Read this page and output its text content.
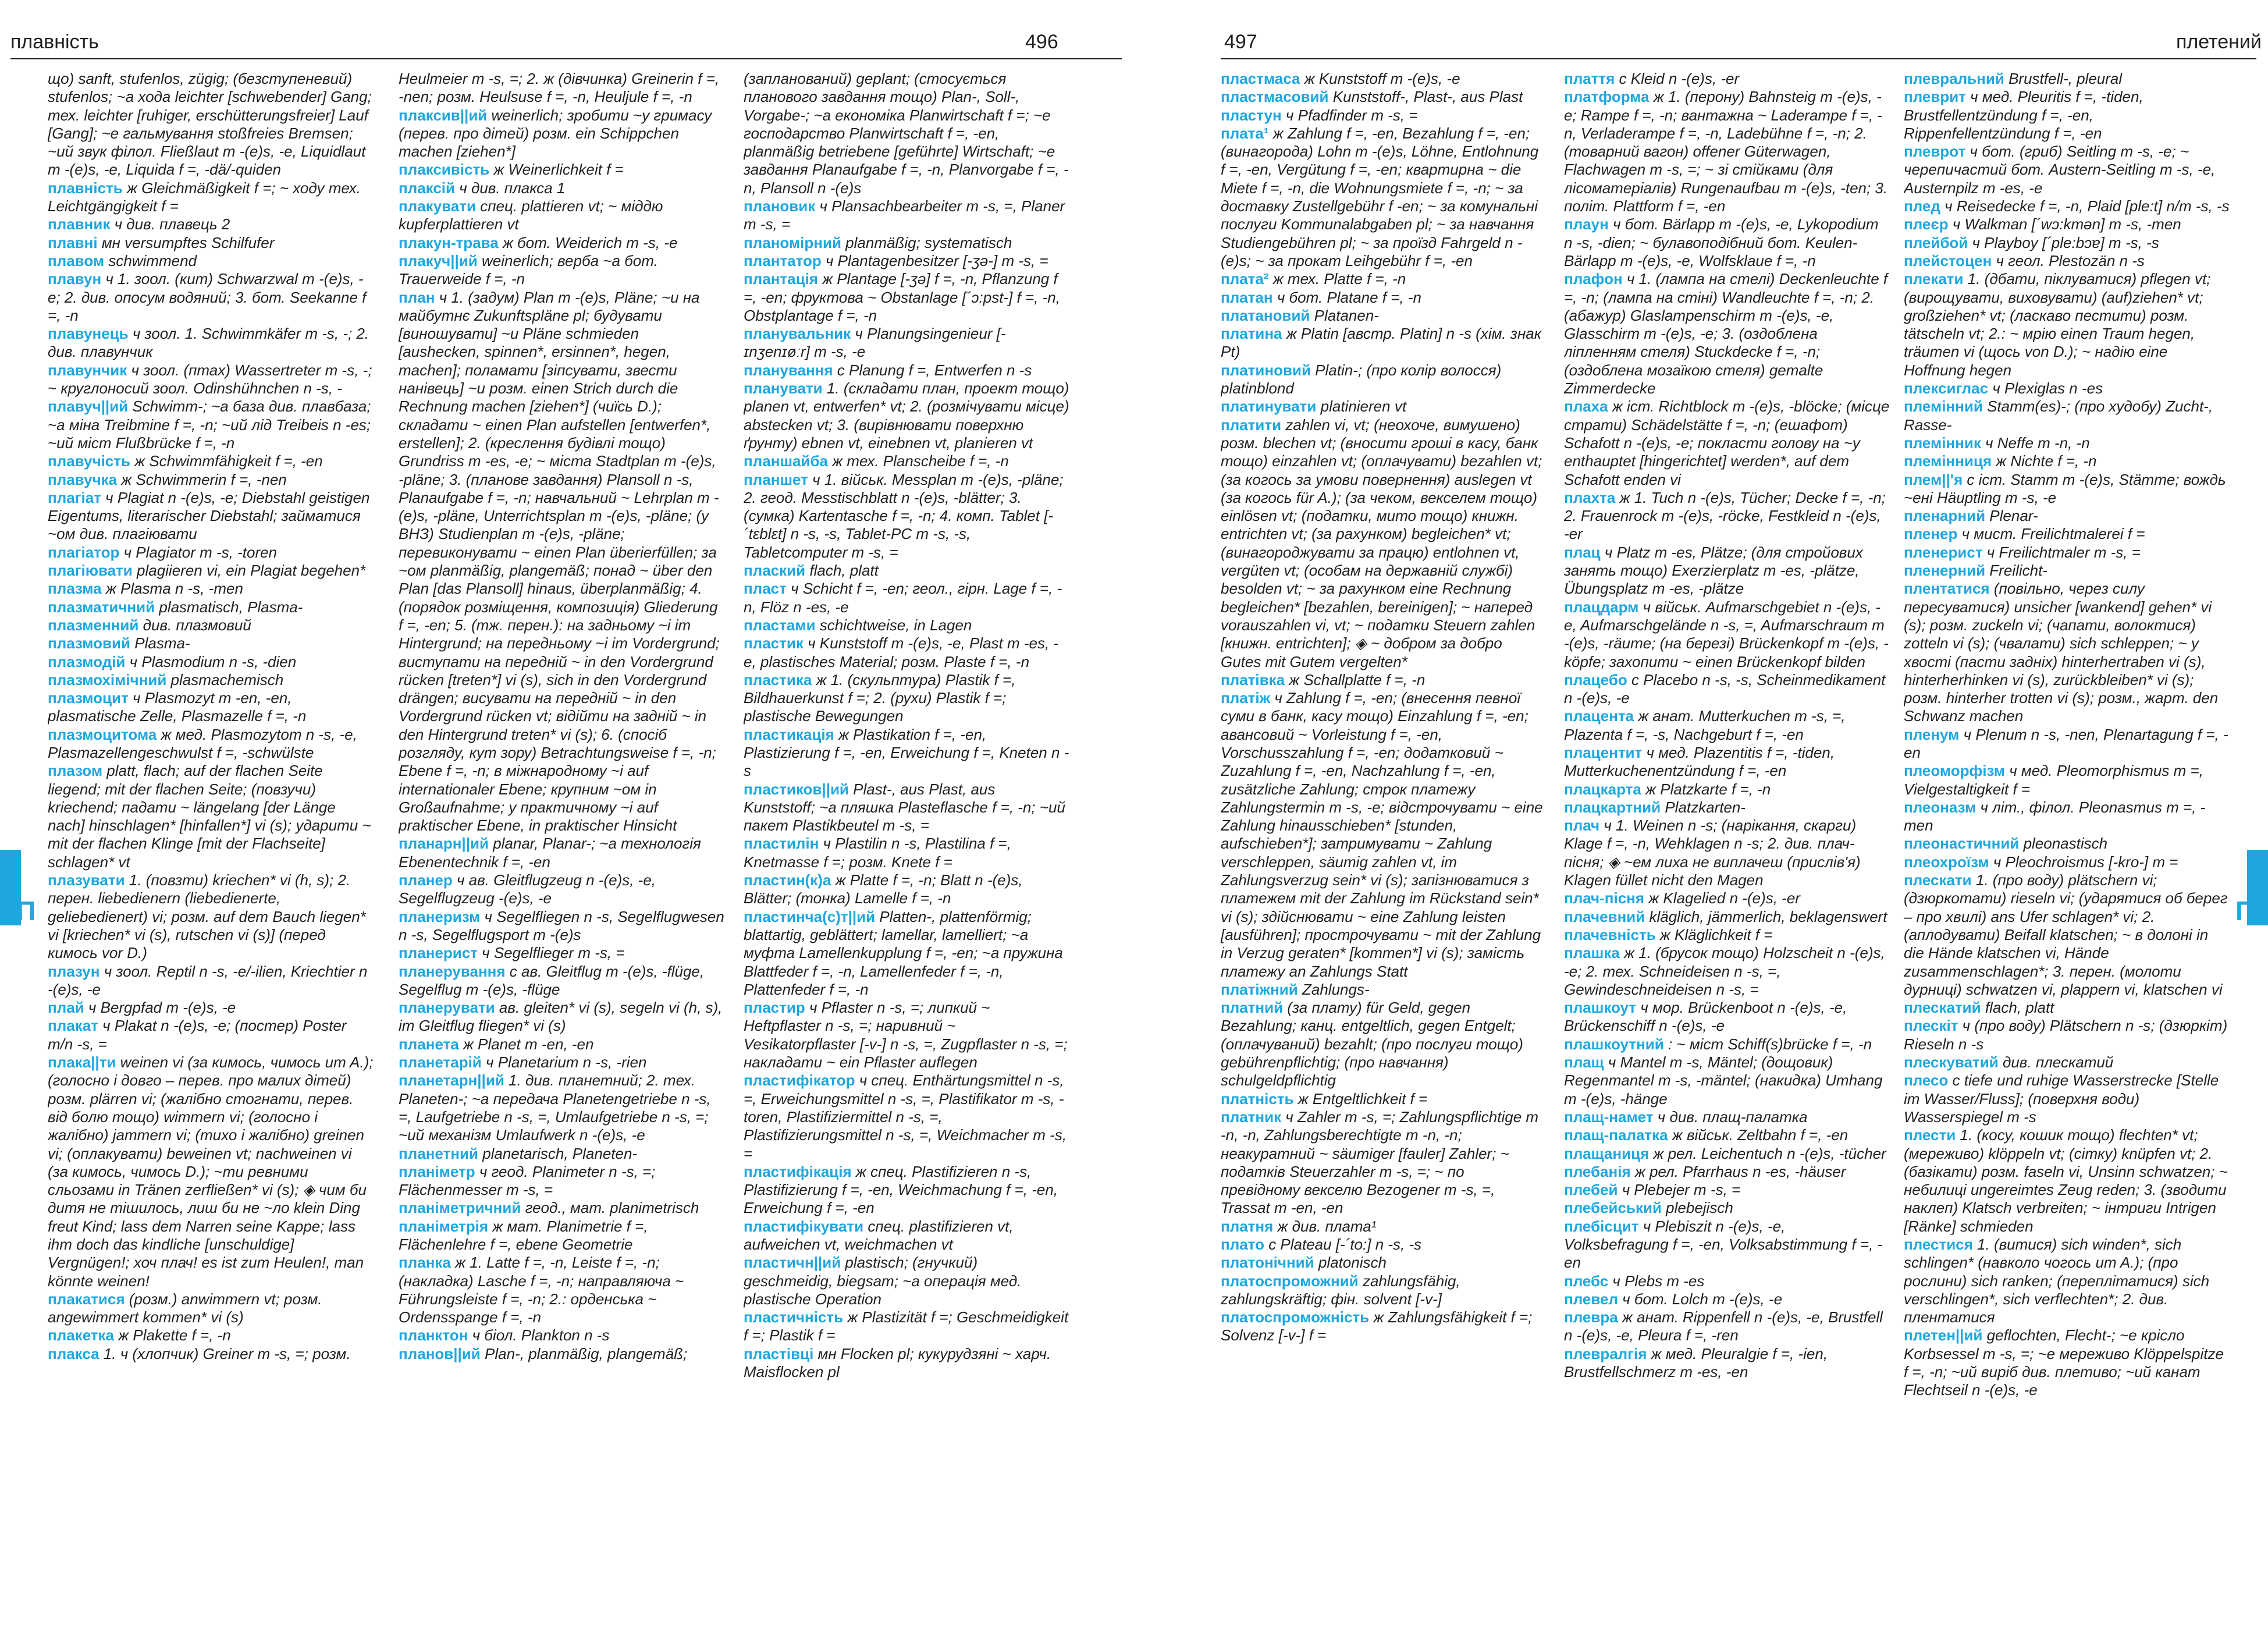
плавність	496

що) sanft, stufenlos, zügig; (безступеневий) stufenlos; ~а хода leichter [schwebender] Gang; тех. leichter [ruhiger, erschütterungsfreier] Lauf [Gang]; ~е гальмування stoßfreies Bremsen; ~ий звук філол. Fließlaut m -(e)s, -e, Liquidlaut m -(e)s, -e, Liquida f =, -dä/-quiden

плавність ж Gleichmäßigkeit f =; ~ ходу тех. Leichtgängigkeit f =

плавник ч див. плавець 2

плавні мн versumpftes Schilfufer

плавом schwimmend

плавун ч 1. зоол. (кит) Schwarzwal m -(e)s, -e; 2. див. опосум водяний; 3. бот. Seekanne f =, -n

плавунець ч зоол. 1. Schwimmkäfer m -s, -; 2. див. плавунчик

плавунчик ч зоол. (птах) Wassertreter m -s, -; ~ круглоносий зоол. Odinshühnchen n -s, -

плавуч||ий Schwimm-; ~а база див. плавбаза; ~а міна Treibmine f =, -n; ~ий лід Treibeis n -es; ~ий міст Flußbrücke f =, -n

плавучість ж Schwimmfähigkeit f =, -en

плавучка ж Schwimmerin f =, -nen

плагіат ч Plagiat n -(e)s, -e; Diebstahl geistigen Eigentums, literarischer Diebstahl; займатися ~ом див. плагіювати

плагіатор ч Plagiator m -s, -toren

плагіювати plagiieren vi, ein Plagiat begehen*

плазма ж Plasma n -s, -men

плазматичний plasmatisch, Plasma-

плазменний див. плазмовий

плазмовий Plasma-

плазмодій ч Plasmodium n -s, -dien

плазмохімічний plasmachemisch

плазмоцит ч Plasmozyt m -en, -en, plasmatische Zelle, Plasmazelle f =, -n

плазмоцитома ж мед. Plasmozytom n -s, -e, Plasmazellengeschwulst f =, -schwülste

плазом platt, flach; auf der flachen Seite liegend; mit der flachen Seite; (повзучи) kriechend; падати ~ längelang [der Länge nach] hinschlagen* [hinfallen*] vi (s); ударити ~ mit der flachen Klinge [mit der Flachseite] schlagen* vt

плазувати 1. (повзти) kriechen* vi (h, s); 2. перен. liebedienern (liebedienerte, geliebedienert) vi; розм. auf dem Bauch liegen* vi [kriechen* vi (s), rutschen vi (s)] (перед кимось vor D.)

плазун ч зоол. Reptil n -s, -e/-ilien, Kriechtier n -(e)s, -e

плай ч Bergpfad m -(e)s, -e

плакат ч Plakat n -(e)s, -e; (постер) Poster m/n -s, =

плака||ти weinen vi (за кимось, чимось um A.); (голосно і довго – перев. про малих дітей) розм. plärren vi; (жалібно стогнати, перев. від болю тощо) wimmern vi; (голосно і жалібно) jammern vi; (тихо і жалібно) greinen vi; (оплакувати) beweinen vt; nachweinen vi (за кимось, чимось D.); ~ти ревними сльозами in Tränen zerfließen* vi (s); ◈ чим би дитя не тішилось, лиш би не ~ло klein Ding freut Kind; lass dem Narren seine Kappe; lass ihm doch das kindliche [unschuldige] Vergnügen!; хоч плач! es ist zum Heulen!, man könnte weinen!

плакатися (розм.) anwimmern vt; розм. angewimmert kommen* vi (s)

плакетка ж Plakette f =, -n

плакса 1. ч (хлопчик) Greiner m -s, =; розм.

Heulmeier m -s, =; 2. ж (дівчинка) Greinerin f =, -nen; розм. Heulsuse f =, -n, Heuljule f =, -n

плаксив||ий weinerlich; зробити ~у гримасу (перев. про дітей) розм. ein Schippchen machen [ziehen*]

плаксивість ж Weinerlichkeit f =

плаксій ч див. плакса 1

плакувати спец. plattieren vt; ~ міддю kupferplattieren vt

плакун-трава ж бот. Weiderich m -s, -e

плакуч||ий weinerlich; верба ~а бот. Trauerweide f =, -n

план ч 1. (задум) Plan m -(e)s, Pläne; ~и на майбутнє Zukunftspläne pl; будувати [виношувати] ~и Pläne schmieden [aushecken, spinnen*, ersinnen*, hegen, machen]; поламати [зіпсувати, звести нанівець] ~и розм. einen Strich durch die Rechnung machen [ziehen*] (чиїсь D.); складати ~ einen Plan aufstellen [entwerfen*, erstellen]; 2. (креслення будівлі тощо) Grundriss m -es, -e; ~ міста Stadtplan m -(e)s, -pläne; 3. (планове завдання) Plansoll n -s, Planaufgabe f =, -n; навчальний ~ Lehrplan m -(e)s, -pläne, Unterrichtsplan m -(e)s, -pläne; (у ВНЗ) Studienplan m -(e)s, -pläne; перевиконувати ~ einen Plan überierfüllen; за ~ом planmäßig, plangemäß; понад ~ über den Plan [das Plansoll] hinaus, überplanmäßig; 4. (порядок розміщення, композиція) Gliederung f =, -en; 5. (тж. перен.): на задньому ~і im Hintergrund; на передньому ~і im Vordergrund; виступати на передній ~ in den Vordergrund rücken [treten*] vi (s), sich in den Vordergrund drängen; висувати на передній ~ in den Vordergrund rücken vt; відійти на задній ~ in den Hintergrund treten* vi (s); 6. (спосіб розгляду, кут зору) Betrachtungsweise f =, -n; Ebene f =, -n; в міжнародному ~і auf internationaler Ebene; крупним ~ом in Großaufnahme; у практичному ~і auf praktischer Ebene, in praktischer Hinsicht

планарн||ий planar, Planar-; ~а технологія Ebenentechnik f =, -en

планер ч ав. Gleitflugzeug n -(e)s, -e, Segelflugzeug -(e)s, -e

планеризм ч Segelfliegen n -s, Segelflugwesen n -s, Segelflugsport m -(e)s

планерист ч Segelflieger m -s, =

планерування с ав. Gleitflug m -(e)s, -flüge, Segelflug m -(e)s, -flüge

планерувати ав. gleiten* vi (s), segeln vi (h, s), im Gleitflug fliegen* vi (s)

планета ж Planet m -en, -en

планетарій ч Planetarium n -s, -rien

планетарн||ий 1. див. планетний; 2. тех. Planeten-; ~а передача Planetengetriebe n -s, =, Laufgetriebe n -s, =, Umlaufgetriebe n -s, =; ~ий механізм Umlaufwerk n -(e)s, -e

планетний planetarisch, Planeten-

планіметр ч геод. Planimeter n -s, =; Flächenmesser m -s, =

планіметричний геод., мат. planimetrisch

планіметрія ж мат. Planimetrie f =, Flächenlehre f =, ebene Geometrie

планка ж 1. Latte f =, -n, Leiste f =, -n; (накладка) Lasche f =, -n; направляюча ~ Führungsleiste f =, -n; 2.: орденська ~ Ordensspange f =, -n

планктон ч біол. Plankton n -s

планов||ий Plan-, planmäßig, plangemäß;

(запланований) geplant; (стосується планового завдання тощо) Plan-, Soll-, Vorgabe-; ~а економіка Planwirtschaft f =; ~е господарство Planwirtschaft f =, -en, planmäßig betriebene [geführte] Wirtschaft; ~е завдання Planaufgabe f =, -n, Planvorgabe f =, -n, Plansoll n -(e)s

плановик ч Plansachbearbeiter m -s, =, Planer m -s, =

планомірний planmäßig; systematisch

плантатор ч Plantagenbesitzer [-ʒə-] m -s, =

плантація ж Plantage [-ʒə] f =, -n, Pflanzung f =, -en; фруктова ~ Obstanlage [´ɔ:pst-] f =, -n, Obstplantage f =, -n

планувальник ч Planungsingenieur [-ɪnʒenɪøːr] m -s, -e

планування с Planung f =, Entwerfen n -s

планувати 1. (складати план, проект тощо) planen vt, entwerfen* vt; 2. (розмічувати місце) abstecken vt; 3. (вирівнювати поверхню ґрунту) ebnen vt, einebnen vt, planieren vt

планшайба ж тех. Planscheibe f =, -n

планшет ч 1. військ. Messplan m -(e)s, -pläne; 2. геод. Messtischblatt n -(e)s, -blätter; 3. (сумка) Kartentasche f =, -n; 4. комп. Tablet [-´tɛblɛt] n -s, -s, Tablet-PC m -s, -s, Tabletcomputer m -s, =

плаский flach, platt

пласт ч Schicht f =, -en; геол., гірн. Lage f =, -n, Flöz n -es, -e

пластами schichtweise, in Lagen

пластик ч Kunststoff m -(e)s, -e, Plast m -es, -e, plastisches Material; розм. Plaste f =, -n

пластика ж 1. (скульптура) Plastik f =, Bildhauerkunst f =; 2. (рухи) Plastik f =; plastische Bewegungen

пластикація ж Plastikation f =, -en, Plastizierung f =, -en, Erweichung f =, Kneten n -s

пластиков||ий Plast-, aus Plast, aus Kunststoff; ~а пляшка Plasteflasche f =, -n; ~ий пакет Plastikbeutel m -s, =

пластилін ч Plastilin n -s, Plastilina f =, Knetmasse f =; розм. Knete f =

пластин(к)а ж Platte f =, -n; Blatt n -(e)s, Blätter; (тонка) Lamelle f =, -n

пластинча(с)т||ий Platten-, plattenförmig; blattartig, geblättert; lamellar, lamelliert; ~а муфта Lamellenkupplung f =, -en; ~а пружина Blattfeder f =, -n, Lamellenfeder f =, -n, Plattenfeder f =, -n

пластир ч Pflaster n -s, =; липкий ~ Heftpflaster n -s, =; наривний ~ Vesikatorpflaster [-v-] n -s, =, Zugpflaster n -s, =; накладати ~ ein Pflaster auflegen

пластифікатор ч спец. Enthärtungsmittel n -s, =, Erweichungsmittel n -s, =, Plastifikator m -s, -toren, Plastifiziermittel n -s, =, Plastifizierungsmittel n -s, =, Weichmacher m -s, =

пластифікація ж спец. Plastifizieren n -s, Plastifizierung f =, -en, Weichmachung f =, -en, Erweichung f =, -en

пластифікувати спец. plastifizieren vt, aufweichen vt, weichmachen vt

пластичн||ий plastisch; (гнучкий) geschmeidig, biegsam; ~а операція мед. plastische Operation

пластичність ж Plastizität f =; Geschmeidigkeit f =; Plastik f =

пластівці мн Flocken pl; кукурудзяні ~ харч. Maisflocken pl

П
497	плетений

пластмаса ж Kunststoff m -(e)s, -e

пластмасовий Kunststoff-, Plast-, aus Plast

пластун ч Pfadfinder m -s, =

плата¹ ж Zahlung f =, -en, Bezahlung f =, -en; (винагорода) Lohn m -(e)s, Löhne, Entlohnung f =, -en, Vergütung f =, -en; квартирна ~ die Miete f =, -n, die Wohnungsmiete f =, -n; ~ за доставку Zustellgebühr f -en; ~ за комунальні послуги Kommunalabgaben pl; ~ за навчання Studiengebühren pl; ~ за проїзд Fahrgeld n -(e)s; ~ за прокат Leihgebühr f =, -en

плата² ж тех. Platte f =, -n

платан ч бот. Platane f =, -n

платановий Platanen-

платина ж Platin [австр. Platin] n -s (хім. знак Pt)

платиновий Platin-; (про колір волосся) platinblond

платинувати platinieren vt

платити zahlen vi, vt; (неохоче, вимушено) розм. blechen vt; (вносити гроші в касу, банк тощо) einzahlen vt; (оплачувати) bezahlen vt; (за когось за умови повернення) auslegen vt (за когось für A.); (за чеком, векселем тощо) einlösen vt; (податки, мито тощо) книжн. entrichten vt; (за рахунком) begleichen* vt; (винагороджувати за працю) entlohnen vt, vergüten vt; (особам на державній службі) besolden vt; ~ за рахунком eine Rechnung begleichen* [bezahlen, bereinigen]; ~ наперед vorauszahlen vi, vt; ~ податки Steuern zahlen [книжн. entrichten]; ◈ ~ добром за добро Gutes mit Gutem vergelten*

платівка ж Schallplatte f =, -n

платіж ч Zahlung f =, -en; (внесення певної суми в банк, касу тощо) Einzahlung f =, -en; авансовий ~ Vorleistung f =, -en, Vorschusszahlung f =, -en; додатковий ~ Zuzahlung f =, -en, Nachzahlung f =, -en, zusätzliche Zahlung; строк платежу Zahlungstermin m -s, -e; відстрочувати ~ eine Zahlung hinausschieben* [stunden, aufschieben*]; затримувати ~ Zahlung verschleppen, säumig zahlen vt, im Zahlungsverzug sein* vi (s); запізнюватися з платежем mit der Zahlung im Rückstand sein* vi (s); здійснювати ~ eine Zahlung leisten [ausführen]; прострочувати ~ mit der Zahlung in Verzug geraten* [kommen*] vi (s); замість платежу an Zahlungs Statt

платіжний Zahlungs-

платний (за плату) für Geld, gegen Bezahlung; канц. entgeltlich, gegen Entgelt; (оплачуваний) bezahlt; (про послуги тощо) gebührenpflichtig; (про навчання) schulgeldpflichtig

платність ж Entgeltlichkeit f =

платник ч Zahler m -s, =; Zahlungspflichtige m -n, -n, Zahlungsberechtigte m -n, -n; неакуратний ~ säumiger [fauler] Zahler; ~ податків Steuerzahler m -s, =; ~ по превідному векселю Bezogener m -s, =, Trassat m -en, -en

платня ж див. плата¹

плато с Plateau [-´to:] n -s, -s

платонічний platonisch

платоспроможний zahlungsfähig, zahlungskräftig; фін. solvent [-v-]

платоспроможність ж Zahlungsfähigkeit f =; Solvenz [-v-] f =

плаття с Kleid n -(e)s, -er

платформа ж 1. (перону) Bahnsteig m -(e)s, -e; Rampe f =, -n; вантажна ~ Laderampe f =, -n, Verladerampe f =, -n, Ladebühne f =, -n; 2. (товарний вагон) offener Güterwagen, Flachwagen m -s, =; ~ зі стійками (для лісоматеріалів) Rungenaufbau m -(e)s, -ten; 3. політ. Plattform f =, -en

плаун ч бот. Bärlapp m -(e)s, -e, Lykopodium n -s, -dien; ~ булавоподібний бот. Keulen-Bärlapp m -(e)s, -e, Wolfsklaue f =, -n

плафон ч 1. (лампа на стелі) Deckenleuchte f =, -n; (лампа на стіні) Wandleuchte f =, -n; 2. (абажур) Glaslampenschirm m -(e)s, -e, Glasschirm m -(e)s, -e; 3. (оздоблена ліпленням стеля) Stuckdecke f =, -n; (оздоблена мозаїкою стеля) gemalte Zimmerdecke

плаха ж іст. Richtblock m -(e)s, -blöcke; (місце страти) Schädelstätte f =, -n; (ешафот) Schafott n -(e)s, -e; покласти голову на ~у enthauptet [hingerichtet] werden*, auf dem Schafott enden vi

плахта ж 1. Tuch n -(e)s, Tücher; Decke f =, -n; 2. Frauenrock m -(e)s, -röcke, Festkleid n -(e)s, -er

плац ч Platz m -es, Plätze; (для стройових занять тощо) Exerzierplatz m -es, -plätze, Übungsplatz m -es, -plätze

плацдарм ч військ. Aufmarschgebiet n -(e)s, -e, Aufmarschgelände n -s, =, Aufmarschraum m -(e)s, -räume; (на березі) Brückenkopf m -(e)s, -köpfe; захопити ~ einen Brückenkopf bilden

плацебо с Placebo n -s, -s, Scheinmedikament n -(e)s, -e

плацента ж анат. Mutterkuchen m -s, =, Plazenta f =, -s, Nachgeburt f =, -en

плацентит ч мед. Plazentitis f =, -tiden, Mutterkuchenentzündung f =, -en

плацкарта ж Platzkarte f =, -n

плацкартний Platzkarten-

плач ч 1. Weinen n -s; (нарікання, скарги) Klage f =, -n, Wehklagen n -s; 2. див. плач-пісня; ◈ ~ем лиха не виплачеш (прислів'я) Klagen füllet nicht den Magen

плач-пісня ж Klagelied n -(e)s, -er

плачевний kläglich, jämmerlich, beklagenswert

плачевність ж Kläglichkeit f =

плашка ж 1. (брусок тощо) Holzscheit n -(e)s, -e; 2. тех. Schneideisen n -s, =, Gewindeschneideisen n -s, =

плашкоут ч мор. Brückenboot n -(e)s, -e, Brückenschiff n -(e)s, -e

плашкоутний : ~ міст Schiff(s)brücke f =, -n

плащ ч Mantel m -s, Mäntel; (дощовик) Regenmantel m -s, -mäntel; (накидка) Umhang m -(e)s, -hänge

плащ-намет ч див. плащ-палатка

плащ-палатка ж військ. Zeltbahn f =, -en

плащаниця ж рел. Leichentuch n -(e)s, -tücher

плебанія ж рел. Pfarrhaus n -es, -häuser

плебей ч Plebejer m -s, =

плебейський plebejisch

плебісцит ч Plebiszit n -(e)s, -e, Volksbefragung f =, -en, Volksabstimmung f =, -en

плебс ч Plebs m -es

плевел ч бот. Lolch m -(e)s, -e

плевра ж анат. Rippenfell n -(e)s, -e, Brustfell n -(e)s, -e, Pleura f =, -ren

плевралгія ж мед. Pleuralgie f =, -ien, Brustfellschmerz m -es, -en

плевральний Brustfell-, pleural

плеврит ч мед. Pleuritis f =, -tiden, Brustfellentzündung f =, -en, Rippenfellentzündung f =, -en

плеврот ч бот. (гриб) Seitling m -s, -e; ~ черепичастий бот. Austern-Seitling m -s, -e, Austernpilz m -es, -e

плед ч Reisedecke f =, -n, Plaid [ple:t] n/m -s, -s

плеєр ч Walkman [´wɔ:kmən] m -s, -men

плейбой ч Playboy [´ple:bɔɐ] m -s, -s

плейстоцен ч геол. Plestozän n -s

плекати 1. (дбати, піклуватися) pflegen vt; (вирощувати, виховувати) (auf)ziehen* vt; großziehen* vt; (ласкаво пестити) розм. tätscheln vt; 2.: ~ мрію einen Traum hegen, träumen vi (щось von D.); ~ надію eine Hoffnung hegen

плексиглас ч Plexiglas n -es

племінний Stamm(es)-; (про худобу) Zucht-, Rasse-

племінник ч Neffe m -n, -n

племінниця ж Nichte f =, -n

плем||'я с іст. Stamm m -(e)s, Stämme; вождь ~ені Häuptling m -s, -e

пленарний Plenar-

пленер ч мист. Freilichtmalerei f =

пленерист ч Freilichtmaler m -s, =

пленерний Freilicht-

плентатися (повільно, через силу пересуватися) unsicher [wankend] gehen* vi (s); розм. zuckeln vi; (чапати, волоктися) zotteln vi (s); (чвалати) sich schleppen; ~ у хвості (пасти задніх) hinterhertraben vi (s), hinterherhinken vi (s), zurückbleiben* vi (s); розм. hinterher trotten vi (s); розм., жарт. den Schwanz machen

пленум ч Plenum n -s, -nen, Plenartagung f =, -en

плеоморфізм ч мед. Pleomorphismus m =, Vielgestaltigkeit f =

плеоназм ч літ., філол. Pleonasmus m =, -men

плеонастичний pleonastisch

плеохроїзм ч Pleochroismus [-kro-] m =

плескати 1. (про воду) plätschern vi; (дзюркотати) rieseln vi; (ударятися об берег – про хвилі) ans Ufer schlagen* vi; 2. (аплодувати) Beifall klatschen; ~ в долоні in die Hände klatschen vi, Hände zusammenschlagen*; 3. перен. (молоти дурниці) schwatzen vi, plappern vi, klatschen vi

плескатий flach, platt

плескіт ч (про воду) Plätschern n -s; (дзюркіт) Rieseln n -s

плескуватий див. плескатий

плесо с tiefe und ruhige Wasserstrecke [Stelle im Wasser/Fluss]; (поверхня води) Wasserspiegel m -s

плести 1. (косу, кошик тощо) flechten* vt; (мереживо) klöppeln vt; (сітку) knüpfen vt; 2. (базікати) розм. faseln vi, Unsinn schwatzen; ~ небилиці ungereimtes Zeug reden; 3. (зводити наклеп) Klatsch verbreiten; ~ інтриги Intrigen [Ränke] schmieden

плестися 1. (витися) sich winden*, sich schlingen* (навколо чогось um A.); (про рослини) sich ranken; (переплітатися) sich verschlingen*, sich verflechten*; 2. див. плентатися

плетен||ий geflochten, Flecht-; ~е крісло Korbsessel m -s, =; ~е мереживо Klöppelspitze f =, -n; ~ий виріб див. плетиво; ~ий канат Flechtseil n -(e)s, -e

П
